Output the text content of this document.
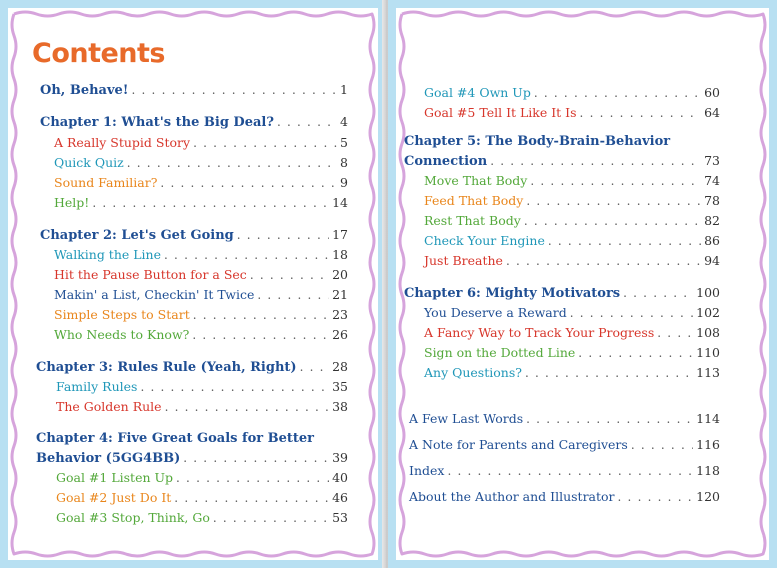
Contents
Oh, Behave! . . .	1
Chapter 1: What's the Big Deal? . . .	4
A Really Stupid Story . . .	5
Quick Quiz . . .	8
Sound Familiar? . . .	9
Help! . . .	14
Chapter 2: Let's Get Going . . .	17
Walking the Line . . .	18
Hit the Pause Button for a Sec . . .	20
Makin' a List, Checkin' It Twice . . .	21
Simple Steps to Start . . .	23
Who Needs to Know? . . .	26
Chapter 3: Rules Rule (Yeah, Right) . . .	28
Family Rules . . .	35
The Golden Rule . . .	38
Chapter 4: Five Great Goals for Better
Behavior (5GG4BB) . . .	39
Goal #1 Listen Up . . .	40
Goal #2 Just Do It . . .	46
Goal #3 Stop, Think, Go . . .	53
Goal #4 Own Up . . .	60
Goal #5 Tell It Like It Is . . .	64
Chapter 5: The Body-Brain-Behavior
Connection . . .	73
Move That Body . . .	74
Feed That Body . . .	78
Rest That Body . . .	82
Check Your Engine . . .	86
Just Breathe . . .	94
Chapter 6: Mighty Motivators . . .	100
You Deserve a Reward . . .	102
A Fancy Way to Track Your Progress . . .	108
Sign on the Dotted Line . . .	110
Any Questions? . . .	113
A Few Last Words . . .	114
A Note for Parents and Caregivers . . .	116
Index . . .	118
About the Author and Illustrator . . .	120
